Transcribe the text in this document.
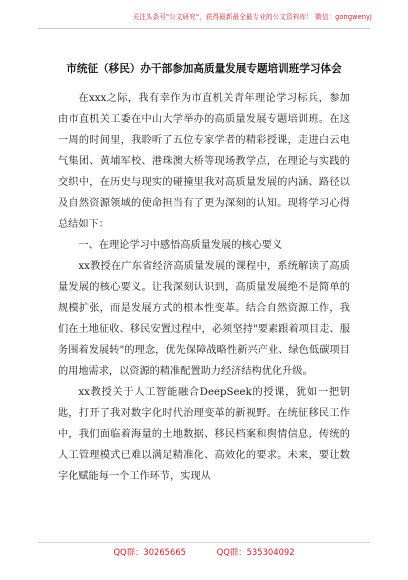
关注头条号"公文研究"，获得最新最全最专业的公文资料库！ 微信：gongwenyj
市统征（移民）办干部参加高质量发展专题培训班学习体会

在xxx之际，我有幸作为市直机关青年理论学习标兵，参加由市直机关工委在中山大学举办的高质量发展专题培训班。在这一周的时间里，我聆听了五位专家学者的精彩授课，走进白云电气集团、黄埔军校、港珠澳大桥等现场教学点，在理论与实践的交织中，在历史与现实的碰撞里我对高质量发展的内涵、路径以及自然资源领域的使命担当有了更为深刻的认知。现将学习心得总结如下：

一、在理论学习中感悟高质量发展的核心要义

xx教授在广东省经济高质量发展的课程中，系统解读了高质量发展的核心要义。让我深刻认识到，高质量发展绝不是简单的规模扩张，而是发展方式的根本性变革。结合自然资源工作，我们在土地征收、移民安置过程中，必须坚持"要素跟着项目走、服务围着发展转"的理念，优先保障战略性新兴产业、绿色低碳项目的用地需求，以资源的精准配置助力经济结构优化升级。

xx教授关于人工智能融合DeepSeek的授课，犹如一把钥匙，打开了我对数字化时代治理变革的新视野。在统征移民工作中，我们面临着海量的土地数据、移民档案和舆情信息，传统的人工管理模式已难以满足精准化、高效化的要求。未来，要让数字化赋能每一个工作环节，实现从

QQ群：30265665	QQ群：535304092
